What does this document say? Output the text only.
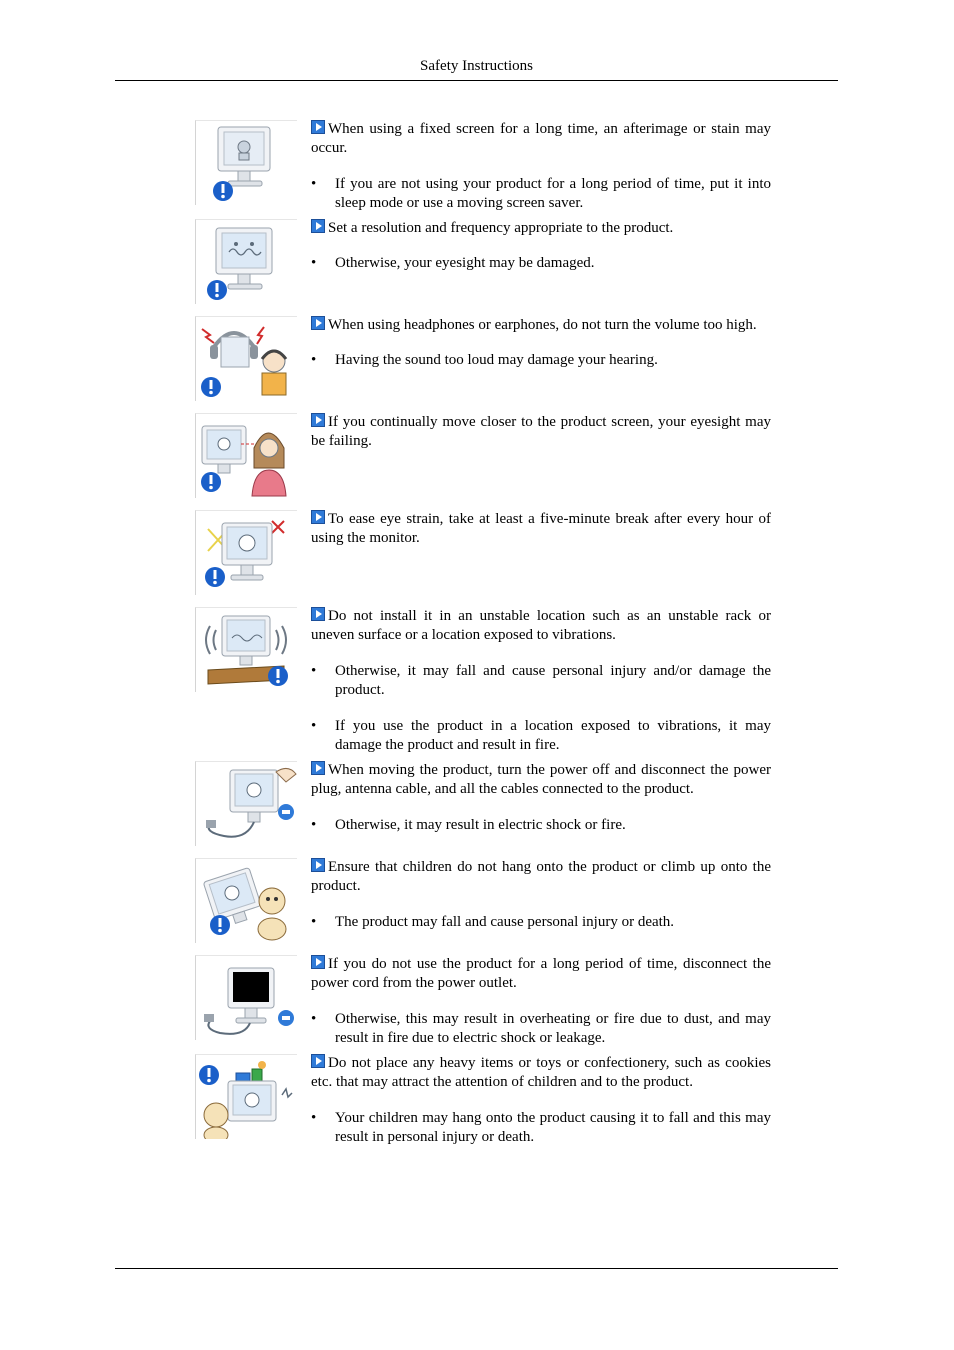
Safety Instructions

When using a fixed screen for a long time, an afterimage or stain may occur.

• If you are not using your product for a long period of time, put it into sleep mode or use a moving screen saver.

Set a resolution and frequency appropriate to the product.

• Otherwise, your eyesight may be damaged.

When using headphones or earphones, do not turn the volume too high.

• Having the sound too loud may damage your hearing.

If you continually move closer to the product screen, your eyesight may be failing.

To ease eye strain, take at least a five-minute break after every hour of using the monitor.

Do not install it in an unstable location such as an unstable rack or uneven surface or a location exposed to vibrations.

• Otherwise, it may fall and cause personal injury and/or damage the product.

• If you use the product in a location exposed to vibrations, it may damage the product and result in fire.

When moving the product, turn the power off and disconnect the power plug, antenna cable, and all the cables connected to the product.

• Otherwise, it may result in electric shock or fire.

Ensure that children do not hang onto the product or climb up onto the product.

• The product may fall and cause personal injury or death.

If you do not use the product for a long period of time, disconnect the power cord from the power outlet.

• Otherwise, this may result in overheating or fire due to dust, and may result in fire due to electric shock or leakage.

Do not place any heavy items or toys or confectionery, such as cookies etc. that may attract the attention of children and to the product.

• Your children may hang onto the product causing it to fall and this may result in personal injury or death.
